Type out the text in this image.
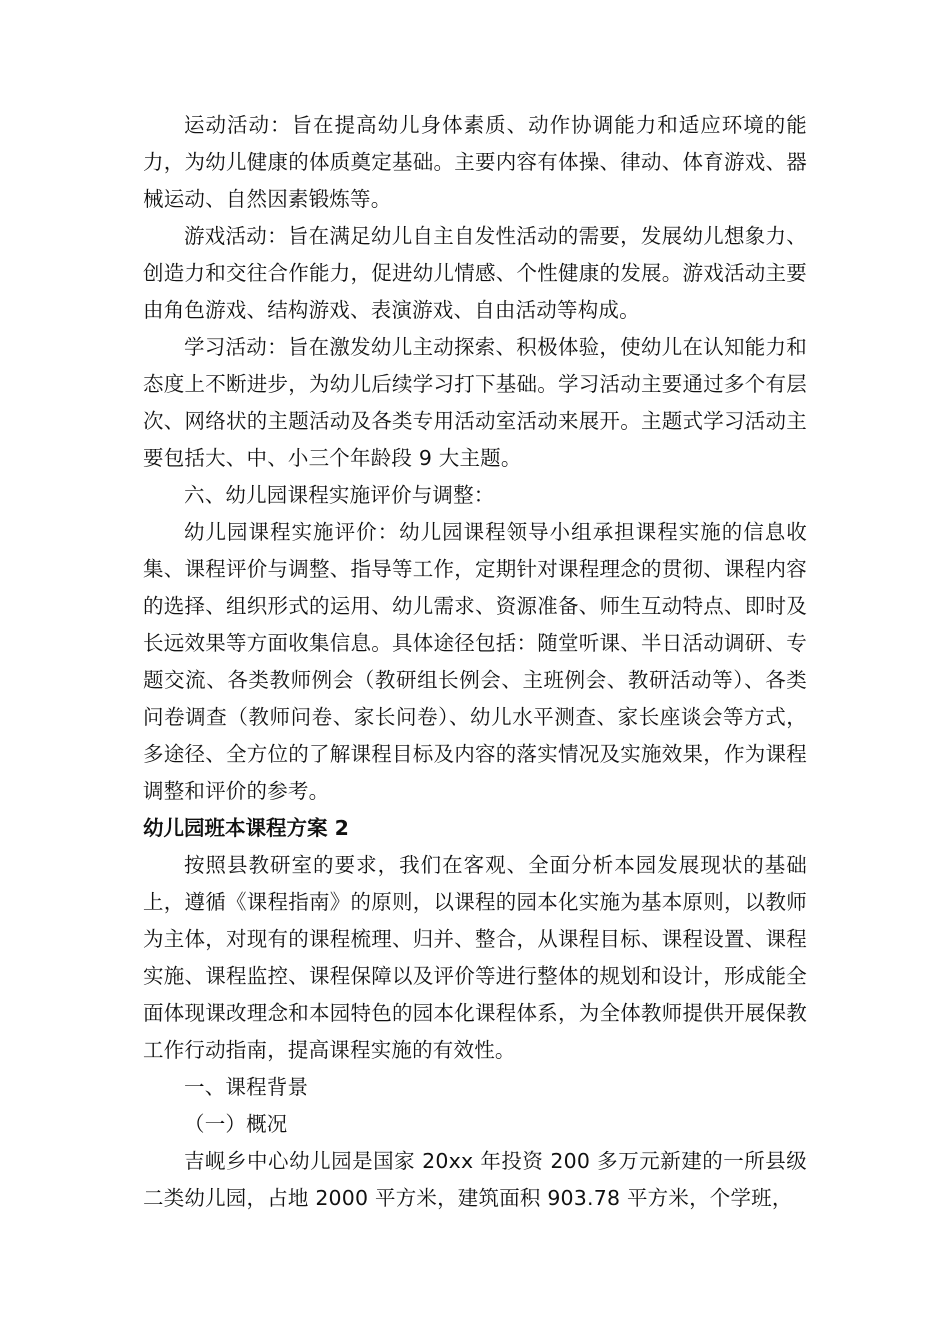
运动活动：旨在提高幼儿身体素质、动作协调能力和适应环境的能力，为幼儿健康的体质奠定基础。主要内容有体操、律动、体育游戏、器械运动、自然因素锻炼等。

游戏活动：旨在满足幼儿自主自发性活动的需要，发展幼儿想象力、创造力和交往合作能力，促进幼儿情感、个性健康的发展。游戏活动主要由角色游戏、结构游戏、表演游戏、自由活动等构成。

学习活动：旨在激发幼儿主动探索、积极体验，使幼儿在认知能力和态度上不断进步，为幼儿后续学习打下基础。学习活动主要通过多个有层次、网络状的主题活动及各类专用活动室活动来展开。主题式学习活动主要包括大、中、小三个年龄段 9 大主题。

六、幼儿园课程实施评价与调整：

幼儿园课程实施评价：幼儿园课程领导小组承担课程实施的信息收集、课程评价与调整、指导等工作，定期针对课程理念的贯彻、课程内容的选择、组织形式的运用、幼儿需求、资源准备、师生互动特点、即时及长远效果等方面收集信息。具体途径包括：随堂听课、半日活动调研、专题交流、各类教师例会（教研组长例会、主班例会、教研活动等）、各类问卷调查（教师问卷、家长问卷）、幼儿水平测查、家长座谈会等方式，多途径、全方位的了解课程目标及内容的落实情况及实施效果，作为课程调整和评价的参考。

幼儿园班本课程方案 2

按照县教研室的要求，我们在客观、全面分析本园发展现状的基础上，遵循《课程指南》的原则，以课程的园本化实施为基本原则，以教师为主体，对现有的课程梳理、归并、整合，从课程目标、课程设置、课程实施、课程监控、课程保障以及评价等进行整体的规划和设计，形成能全面体现课改理念和本园特色的园本化课程体系，为全体教师提供开展保教工作行动指南，提高课程实施的有效性。

一、课程背景

（一）概况

吉岘乡中心幼儿园是国家 20xx 年投资 200 多万元新建的一所县级二类幼儿园，占地 2000 平方米，建筑面积 903.78 平方米，个学班，
